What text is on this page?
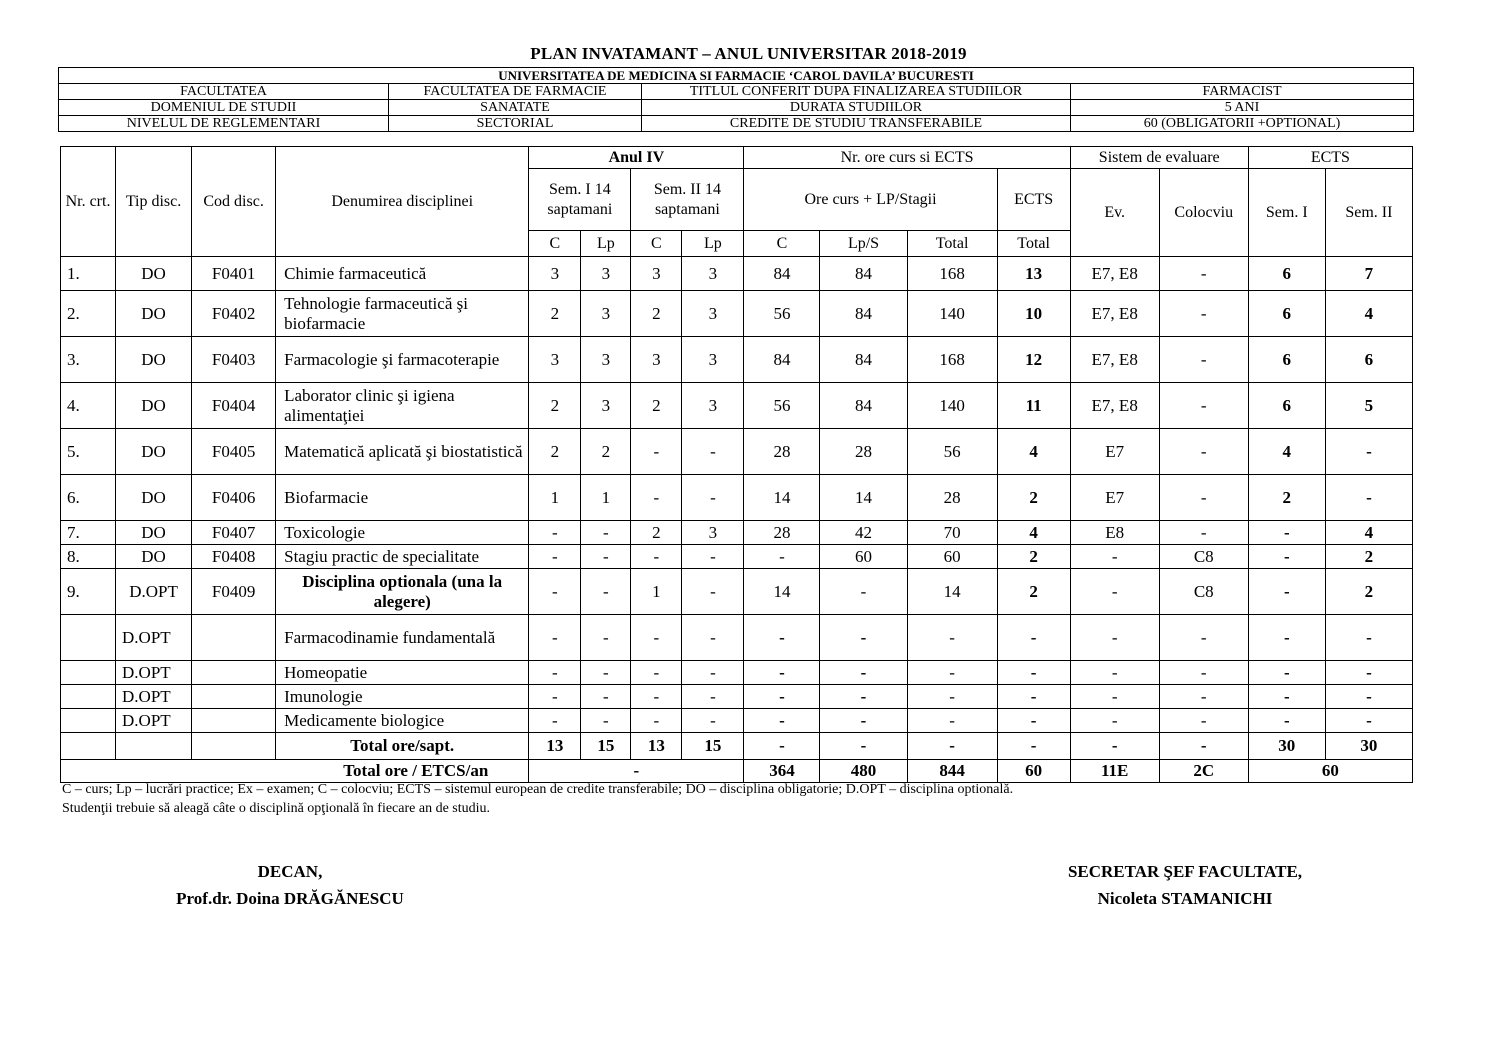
PLAN INVATAMANT – ANUL UNIVERSITAR 2018-2019
UNIVERSITATEA DE MEDICINA SI FARMACIE ‘CAROL DAVILA’ BUCURESTI			
FACULTATEA	FACULTATEA DE FARMACIE	TITLUL CONFERIT DUPA FINALIZAREA STUDIILOR	FARMACIST
DOMENIUL DE STUDII	SANATATE	DURATA STUDIILOR	5 ANI
NIVELUL DE REGLEMENTARI	SECTORIAL	CREDITE DE STUDIU TRANSFERABILE	60 (OBLIGATORII +OPTIONAL)
Nr. crt.	Tip disc.	Cod disc.	Denumirea disciplinei	Anul IV				Nr. ore curs si ECTS				Sistem de evaluare		ECTS	
				Sem. I 14 saptamani		Sem. II 14 saptamani		Ore curs + LP/Stagii			ECTS	Ev.	Colocviu	Sem. I	Sem. II
				C	Lp	C	Lp	C	Lp/S	Total	Total				
1.	DO	F0401	Chimie farmaceutică	3	3	3	3	84	84	168	13	E7, E8	-	6	7
2.	DO	F0402	Tehnologie farmaceutică şi biofarmacie	2	3	2	3	56	84	140	10	E7, E8	-	6	4
3.	DO	F0403	Farmacologie şi farmacoterapie	3	3	3	3	84	84	168	12	E7, E8	-	6	6
4.	DO	F0404	Laborator clinic şi igiena alimentaţiei	2	3	2	3	56	84	140	11	E7, E8	-	6	5
5.	DO	F0405	Matematică aplicată şi biostatistică	2	2	-	-	28	28	56	4	E7	-	4	-
6.	DO	F0406	Biofarmacie	1	1	-	-	14	14	28	2	E7	-	2	-
7.	DO	F0407	Toxicologie	-	-	2	3	28	42	70	4	E8	-	-	4
8.	DO	F0408	Stagiu practic de specialitate	-	-	-	-	-	60	60	2	-	C8	-	2
9.	D.OPT	F0409	Disciplina optionala (una la alegere)	-	-	1	-	14	-	14	2	-	C8	-	2
	D.OPT		Farmacodinamie fundamentală	-	-	-	-	-	-	-	-	-	-	-	-
	D.OPT		Homeopatie	-	-	-	-	-	-	-	-	-	-	-	-
	D.OPT		Imunologie	-	-	-	-	-	-	-	-	-	-	-	-
	D.OPT		Medicamente biologice	-	-	-	-	-	-	-	-	-	-	-	-
			Total ore/sapt.	13	15	13	15	-	-	-	-	-	-	30	30
Total ore / ETCS/an				-				364	480	844	60	11E	2C	60	
C – curs; Lp – lucrări practice; Ex – examen; C – colocviu; ECTS – sistemul european de credite transferabile; DO – disciplina obligatorie; D.OPT – disciplina optională.
Studenţii trebuie să aleagă câte o disciplină opţională în fiecare an de studiu.
DECAN,
Prof.dr. Doina DRĂGĂNESCU
SECRETAR ŞEF FACULTATE,
Nicoleta STAMANICHI
